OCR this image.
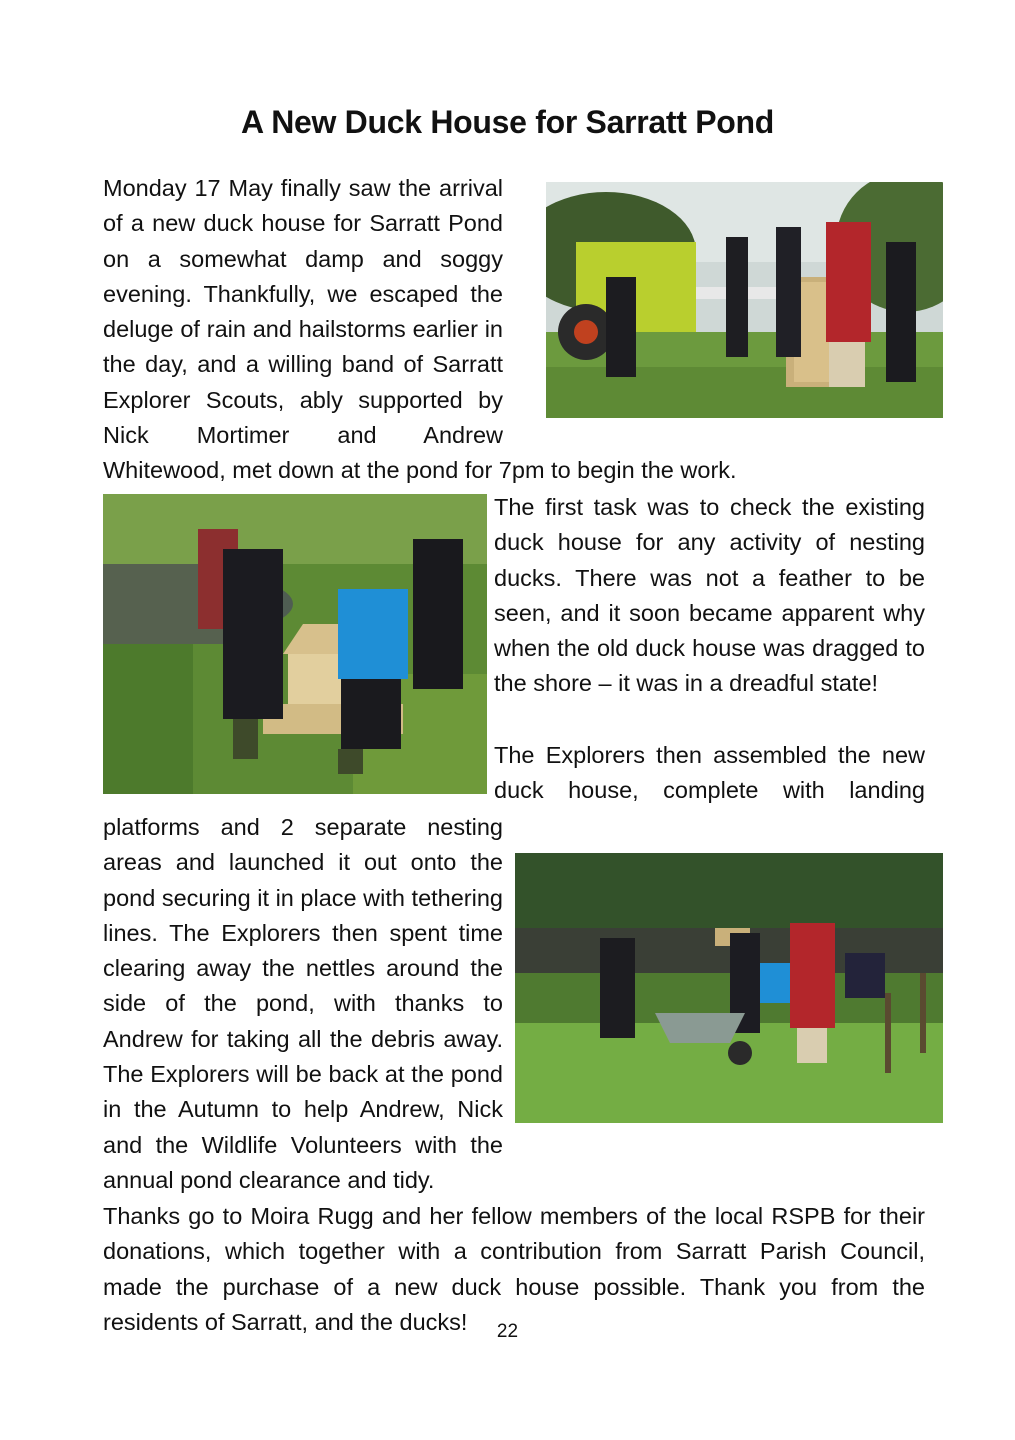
A New Duck House for Sarratt Pond
Monday 17 May finally saw the arrival of a new duck house for Sarratt Pond on a somewhat damp and soggy evening. Thankfully, we escaped the deluge of rain and hailstorms earlier in the day, and a willing band of Sarratt Explorer Scouts, ably supported by Nick Mortimer and Andrew Whitewood, met down at the pond for 7pm to begin the work.
The first task was to check the existing duck house for any activity of nesting ducks. There was not a feather to be seen, and it soon became apparent why when the old duck house was dragged to the shore – it was in a dreadful state!
The Explorers then assembled the new duck house, complete with landing platforms and 2 separate nesting areas and launched it out onto the pond securing it in place with tethering lines. The Explorers then spent time clearing away the nettles around the side of the pond, with thanks to Andrew for taking all the debris away. The Explorers will be back at the pond in the Autumn to help Andrew, Nick and the Wildlife Volunteers with the annual pond clearance and tidy.
Thanks go to Moira Rugg and her fellow members of the local RSPB for their donations, which together with a contribution from Sarratt Parish Council, made the purchase of a new duck house possible. Thank you from the residents of Sarratt, and the ducks!	22
